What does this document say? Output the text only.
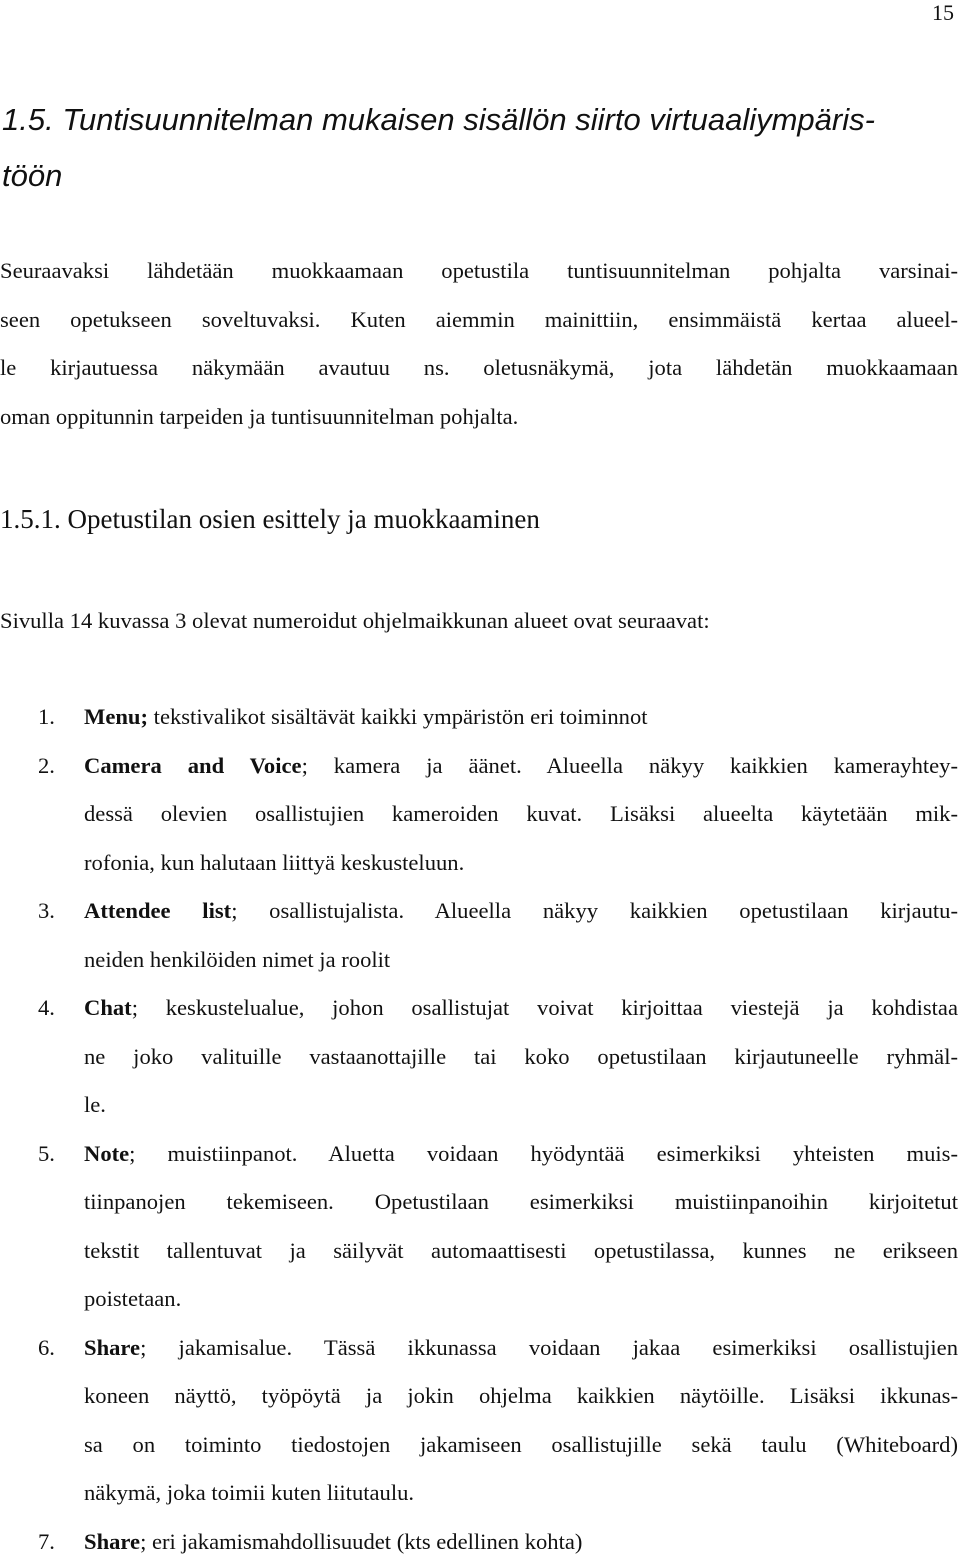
15
1.5. Tuntisuunnitelman mukaisen sisällön siirto virtuaaliympäris-
töön
Seuraavaksi lähdetään muokkaamaan opetustila tuntisuunnitelman pohjalta varsinai-
seen opetukseen soveltuvaksi. Kuten aiemmin mainittiin, ensimmäistä kertaa alueel-
le kirjautuessa näkymään avautuu ns. oletusnäkymä, jota lähdetän muokkaamaan
oman oppitunnin tarpeiden ja tuntisuunnitelman pohjalta.
1.5.1. Opetustilan osien esittely ja muokkaaminen
Sivulla 14 kuvassa 3 olevat numeroidut ohjelmaikkunan alueet ovat seuraavat:
1. Menu; tekstivalikot sisältävät kaikki ympäristön eri toiminnot
2. Camera and Voice; kamera ja äänet. Alueella näkyy kaikkien kamerayhtey-
dessä olevien osallistujien kameroiden kuvat. Lisäksi alueelta käytetään mik-
rofonia, kun halutaan liittyä keskusteluun.
3. Attendee list; osallistujalista. Alueella näkyy kaikkien opetustilaan kirjautu-
neiden henkilöiden nimet ja roolit
4. Chat; keskustelualue, johon osallistujat voivat kirjoittaa viestejä ja kohdistaa
ne joko valituille vastaanottajille tai koko opetustilaan kirjautuneelle ryhmäl-
le.
5. Note; muistiinpanot. Aluetta voidaan hyödyntää esimerkiksi yhteisten muis-
tiinpanojen tekemiseen. Opetustilaan esimerkiksi muistiinpanoihin kirjoitetut
tekstit tallentuvat ja säilyvät automaattisesti opetustilassa, kunnes ne erikseen
poistetaan.
6. Share; jakamisalue. Tässä ikkunassa voidaan jakaa esimerkiksi osallistujien
koneen näyttö, työpöytä ja jokin ohjelma kaikkien näytöille. Lisäksi ikkunas-
sa on toiminto tiedostojen jakamiseen osallistujille sekä taulu (Whiteboard)
näkymä, joka toimii kuten liitutaulu.
7. Share; eri jakamismahdollisuudet (kts edellinen kohta)
